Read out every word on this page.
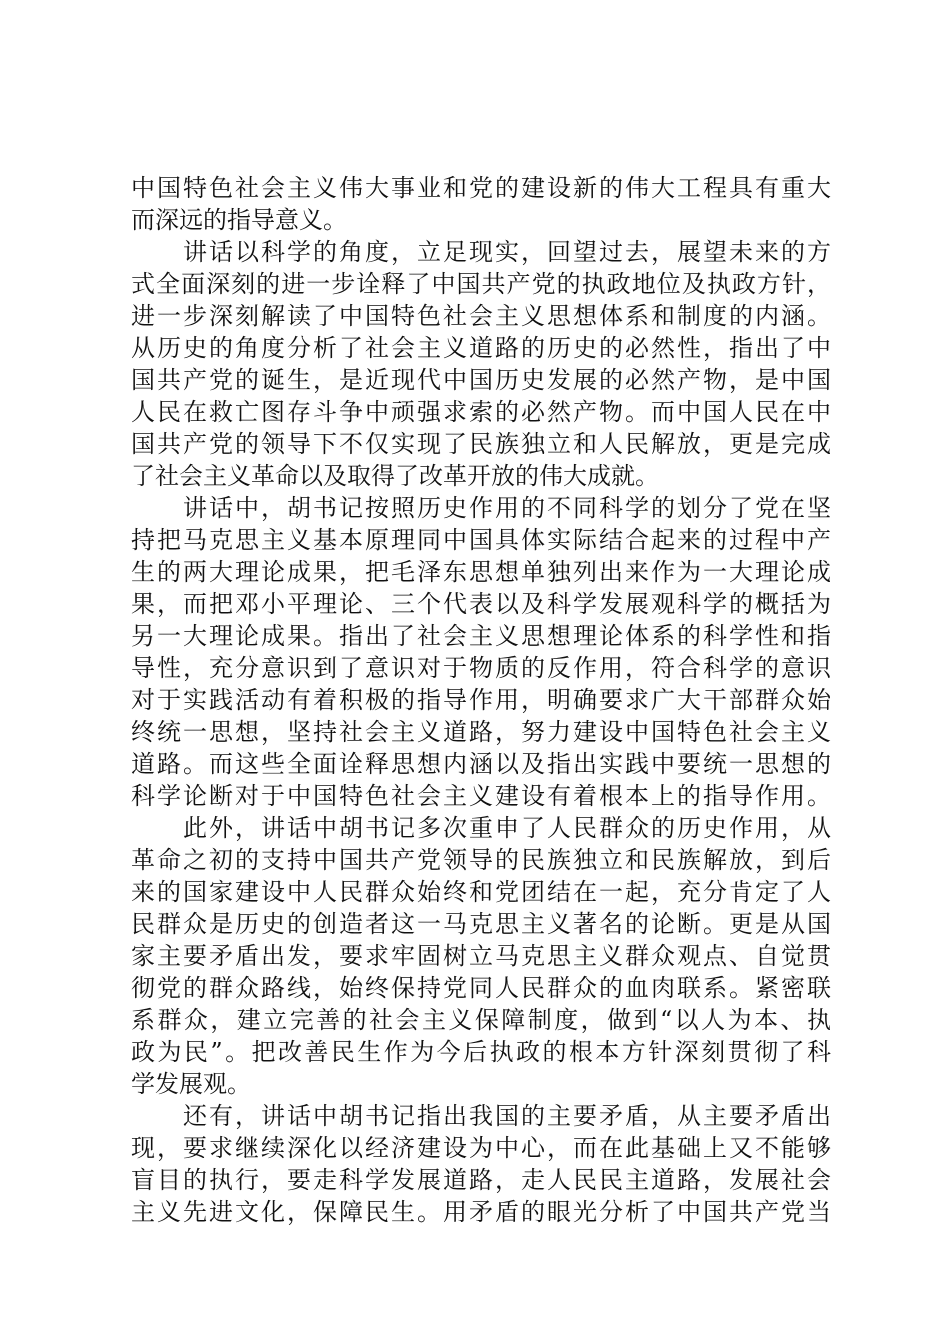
中国特色社会主义伟大事业和党的建设新的伟大工程具有重大
而深远的指导意义。
讲话以科学的角度，立足现实，回望过去，展望未来的方
式全面深刻的进一步诠释了中国共产党的执政地位及执政方针，
进一步深刻解读了中国特色社会主义思想体系和制度的内涵。
从历史的角度分析了社会主义道路的历史的必然性，指出了中
国共产党的诞生，是近现代中国历史发展的必然产物，是中国
人民在救亡图存斗争中顽强求索的必然产物。而中国人民在中
国共产党的领导下不仅实现了民族独立和人民解放，更是完成
了社会主义革命以及取得了改革开放的伟大成就。
讲话中，胡书记按照历史作用的不同科学的划分了党在坚
持把马克思主义基本原理同中国具体实际结合起来的过程中产
生的两大理论成果，把毛泽东思想单独列出来作为一大理论成
果，而把邓小平理论、三个代表以及科学发展观科学的概括为
另一大理论成果。指出了社会主义思想理论体系的科学性和指
导性，充分意识到了意识对于物质的反作用，符合科学的意识
对于实践活动有着积极的指导作用，明确要求广大干部群众始
终统一思想，坚持社会主义道路，努力建设中国特色社会主义
道路。而这些全面诠释思想内涵以及指出实践中要统一思想的
科学论断对于中国特色社会主义建设有着根本上的指导作用。
此外，讲话中胡书记多次重申了人民群众的历史作用，从
革命之初的支持中国共产党领导的民族独立和民族解放，到后
来的国家建设中人民群众始终和党团结在一起，充分肯定了人
民群众是历史的创造者这一马克思主义著名的论断。更是从国
家主要矛盾出发，要求牢固树立马克思主义群众观点、自觉贯
彻党的群众路线，始终保持党同人民群众的血肉联系。紧密联
系群众，建立完善的社会主义保障制度，做到“以人为本、执
政为民”。把改善民生作为今后执政的根本方针深刻贯彻了科
学发展观。
还有，讲话中胡书记指出我国的主要矛盾，从主要矛盾出
现，要求继续深化以经济建设为中心，而在此基础上又不能够
盲目的执行，要走科学发展道路，走人民民主道路，发展社会
主义先进文化，保障民生。用矛盾的眼光分析了中国共产党当
